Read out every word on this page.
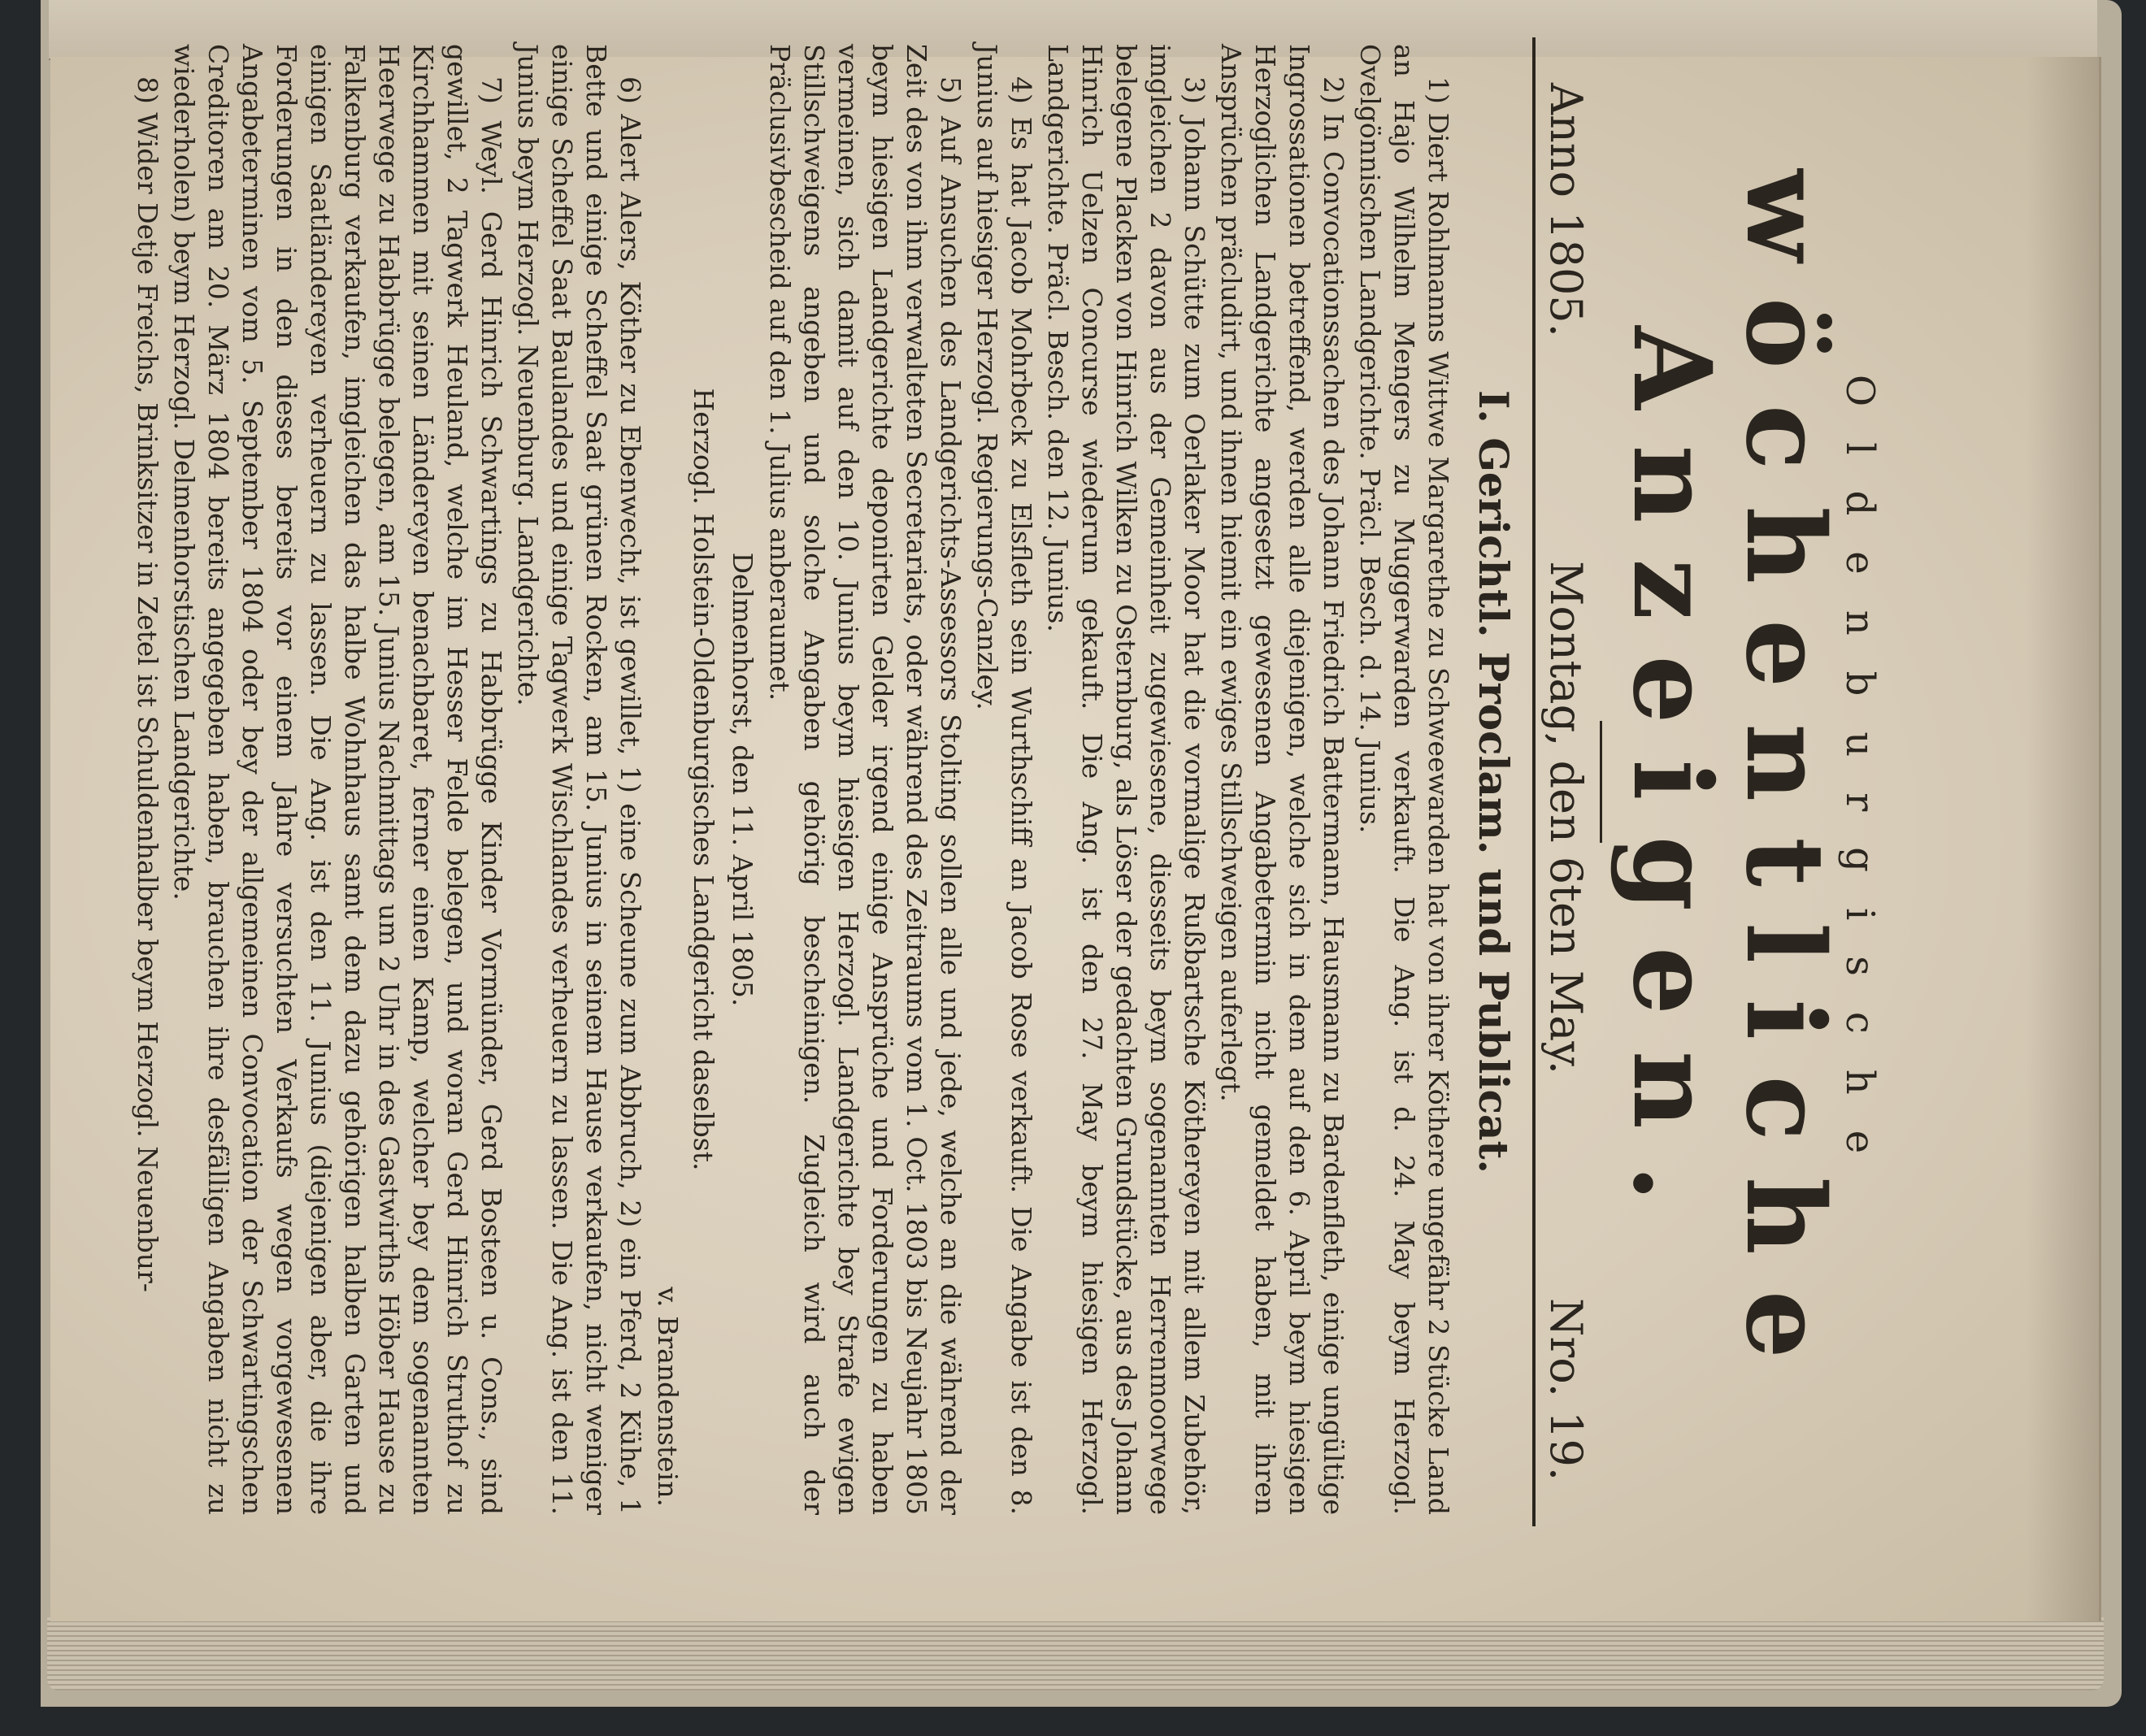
Oldenburgische
wöchentliche Anzeigen.
Anno 1805.
Montag, den 6ten May.
Nro. 19.
I. Gerichtl. Proclam. und Publicat.

1) Diert Rohlmanns Wittwe Margarethe zu Schweewarden hat von ihrer Köthere ungefähr 2 Stücke Land an Hajo Wilhelm Mengers zu Muggerwarden verkauft. Die Ang. ist d. 24. May beym Herzogl. Ovelgönnischen Landgerichte. Präcl. Besch. d. 14. Junius.

2) In Convocationssachen des Johann Friedrich Battermann, Hausmann zu Bardenfleth, einige ungültige Ingrossationen betreffend, werden alle diejenigen, welche sich in dem auf den 6. April beym hiesigen Herzoglichen Landgerichte angesetzt gewesenen Angabetermin nicht gemeldet haben, mit ihren Ansprüchen präcludirt, und ihnen hiemit ein ewiges Stillschweigen auferlegt.

3) Johann Schütte zum Oerlaker Moor hat die vormalige Rußbartsche Köthereyen mit allem Zubehör, imgleichen 2 davon aus der Gemeinheit zugewiesene, diesseits beym sogenannten Herrenmoorwege belegene Placken von Hinrich Wilken zu Osternburg, als Löser der gedachten Grundstücke, aus des Johann Hinrich Uelzen Concurse wiederum gekauft. Die Ang. ist den 27. May beym hiesigen Herzogl. Landgerichte. Präcl. Besch. den 12. Junius.

4) Es hat Jacob Mohrbeck zu Elsfleth sein Wurthschiff an Jacob Rose verkauft. Die Angabe ist den 8. Junius auf hiesiger Herzogl. Regierungs-Canzley.

5) Auf Ansuchen des Landgerichts-Assessors Stolting sollen alle und jede, welche an die während der Zeit des von ihm verwalteten Secretariats, oder während des Zeitraums vom 1. Oct. 1803 bis Neujahr 1805 beym hiesigen Landgerichte deponirten Gelder irgend einige Ansprüche und Forderungen zu haben vermeinen, sich damit auf den 10. Junius beym hiesigen Herzogl. Landgerichte bey Strafe ewigen Stillschweigens angeben und solche Angaben gehörig bescheinigen. Zugleich wird auch der Präclusivbescheid auf den 1. Julius anberaumet.

Delmenhorst, den 11. April 1805.
Herzogl. Holstein-Oldenburgisches Landgericht daselbst.
v. Brandenstein.

6) Alert Alers, Köther zu Ebenwecht, ist gewillet, 1) eine Scheune zum Abbruch, 2) ein Pferd, 2 Kühe, 1 Bette und einige Scheffel Saat grünen Rocken, am 15. Junius in seinem Hause verkaufen, nicht weniger einige Scheffel Saat Baulandes und einige Tagwerk Wischlandes verheuern zu lassen. Die Ang. ist den 11. Junius beym Herzogl. Neuenburg. Landgerichte.

7) Weyl. Gerd Hinrich Schwartings zu Habbrügge Kinder Vormünder, Gerd Bosteen u. Cons., sind gewillet, 2 Tagwerk Heuland, welche im Hesser Felde belegen, und woran Gerd Hinrich Struthof zu Kirchhammen mit seinen Ländereyen benachbaret, ferner einen Kamp, welcher bey dem sogenannten Heerwege zu Habbrügge belegen, am 15. Junius Nachmittags um 2 Uhr in des Gastwirths Höber Hause zu Falkenburg verkaufen, imgleichen das halbe Wohnhaus samt dem dazu gehörigen halben Garten und einigen Saatländereyen verheuern zu lassen. Die Ang. ist den 11. Junius (diejenigen aber, die ihre Forderungen in den dieses bereits vor einem Jahre versuchten Verkaufs wegen vorgewesenen Angabeterminen vom 5. September 1804 oder bey der allgemeinen Convocation der Schwartingschen Creditoren am 20. März 1804 bereits angegeben haben, brauchen ihre desfälligen Angaben nicht zu wiederholen) beym Herzogl. Delmenhorstischen Landgerichte.

8) Wider Detje Freichs, Brinksitzer in Zetel ist Schuldenhalber beym Herzogl. Neuenbur-
